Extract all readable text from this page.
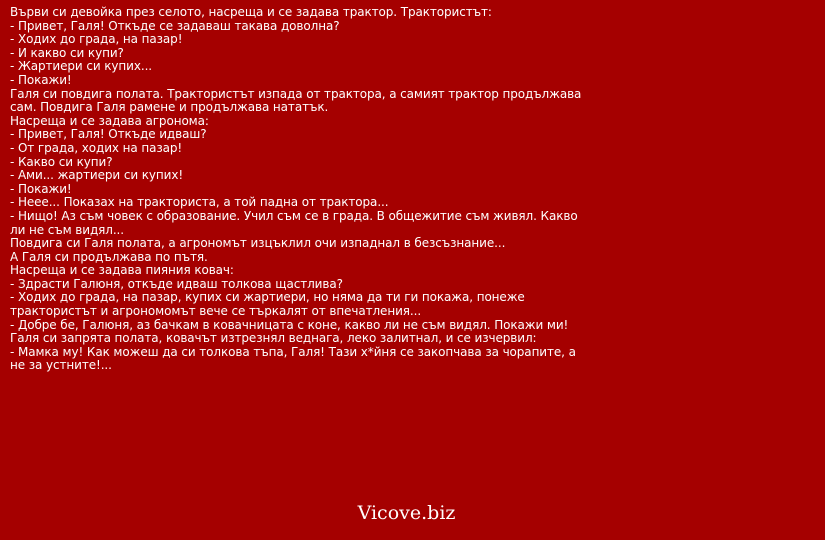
Върви си девойка през селото, насреща и се задава трактор. Трактористът:
- Привет, Галя! Откъде се задаваш такава доволна?
- Ходих до града, на пазар!
- И какво си купи?
- Жартиери си купих...
- Покажи!
Галя си повдига полата. Трактористът изпада от трактора, а самият трактор продължава сам. Повдига Галя рамене и продължава нататък.
Насреща и се задава агронома:
- Привет, Галя! Откъде идваш?
- От града, ходих на пазар!
- Какво си купи?
- Ами... жартиери си купих!
- Покажи!
- Неее... Показах на тракториста, а той падна от трактора...
- Нищо! Аз съм човек с образование. Учил съм се в града. В общежитие съм живял. Какво ли не съм видял...
Повдига си Галя полата, а агрономът изцъклил очи изпаднал в безсъзнание...
А Галя си продължава по пътя.
Насреща и се задава пияния ковач:
- Здрасти Галюня, откъде идваш толкова щастлива?
- Ходих до града, на пазар, купих си жартиери, но няма да ти ги покажа, понеже трактористът и агрономомът вече се търкалят от впечатления...
- Добре бе, Галюня, аз бачкам в ковачницата с коне, какво ли не съм видял. Покажи ми!
Галя си запрята полата, ковачът изтрезнял веднага, леко залитнал, и се изчервил:
- Мамка му! Как можеш да си толкова тъпа, Галя! Тази х*йня се закопчава за чорапите, а не за устните!...
Vicove.biz
